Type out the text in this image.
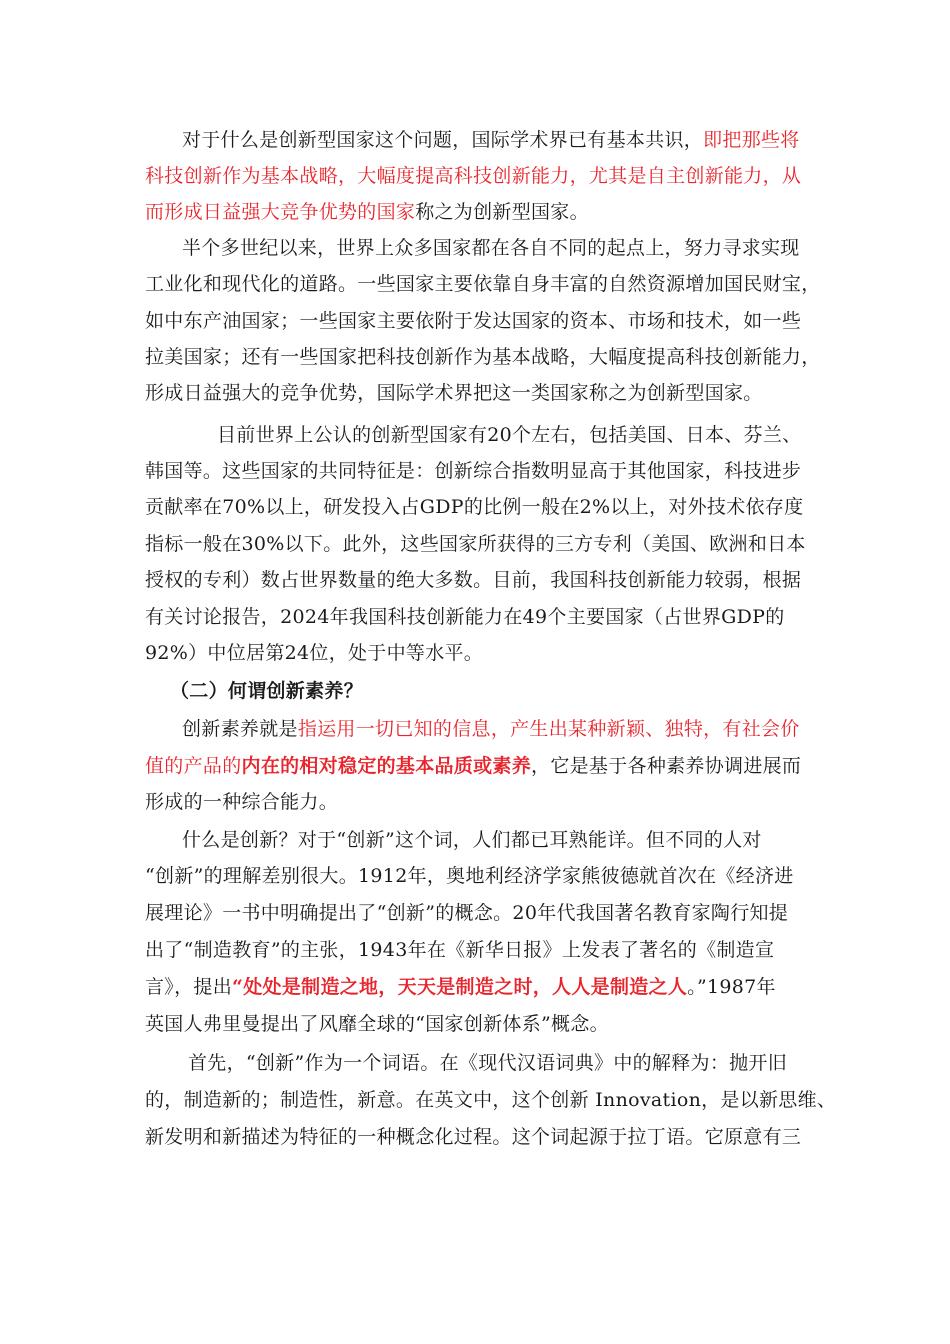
对于什么是创新型国家这个问题，国际学术界已有基本共识，即把那些将
科技创新作为基本战略，大幅度提高科技创新能力，尤其是自主创新能力，从
而形成日益强大竞争优势的国家称之为创新型国家。
半个多世纪以来，世界上众多国家都在各自不同的起点上，努力寻求实现
工业化和现代化的道路。一些国家主要依靠自身丰富的自然资源增加国民财宝，
如中东产油国家；一些国家主要依附于发达国家的资本、市场和技术，如一些
拉美国家；还有一些国家把科技创新作为基本战略，大幅度提高科技创新能力，
形成日益强大的竞争优势，国际学术界把这一类国家称之为创新型国家。
目前世界上公认的创新型国家有20个左右，包括美国、日本、芬兰、
韩国等。这些国家的共同特征是：创新综合指数明显高于其他国家，科技进步
贡献率在70%以上，研发投入占GDP的比例一般在2%以上，对外技术依存度
指标一般在30%以下。此外，这些国家所获得的三方专利（美国、欧洲和日本
授权的专利）数占世界数量的绝大多数。目前，我国科技创新能力较弱，根据
有关讨论报告，2024年我国科技创新能力在49个主要国家（占世界GDP的
92%）中位居第24位，处于中等水平。
（二）何谓创新素养？
创新素养就是指运用一切已知的信息，产生出某种新颖、独特，有社会价
值的产品的内在的相对稳定的基本品质或素养，它是基于各种素养协调进展而
形成的一种综合能力。
什么是创新？对于“创新”这个词，人们都已耳熟能详。但不同的人对
“创新”的理解差别很大。1912年，奥地利经济学家熊彼德就首次在《经济进
展理论》一书中明确提出了“创新”的概念。20年代我国著名教育家陶行知提
出了“制造教育”的主张，1943年在《新华日报》上发表了著名的《制造宣
言》，提出“处处是制造之地，天天是制造之时，人人是制造之人。”1987年
英国人弗里曼提出了风靡全球的“国家创新体系”概念。
首先，“创新”作为一个词语。在《现代汉语词典》中的解释为：抛开旧
的，制造新的；制造性，新意。在英文中，这个创新 Innovation，是以新思维、
新发明和新描述为特征的一种概念化过程。这个词起源于拉丁语。它原意有三
